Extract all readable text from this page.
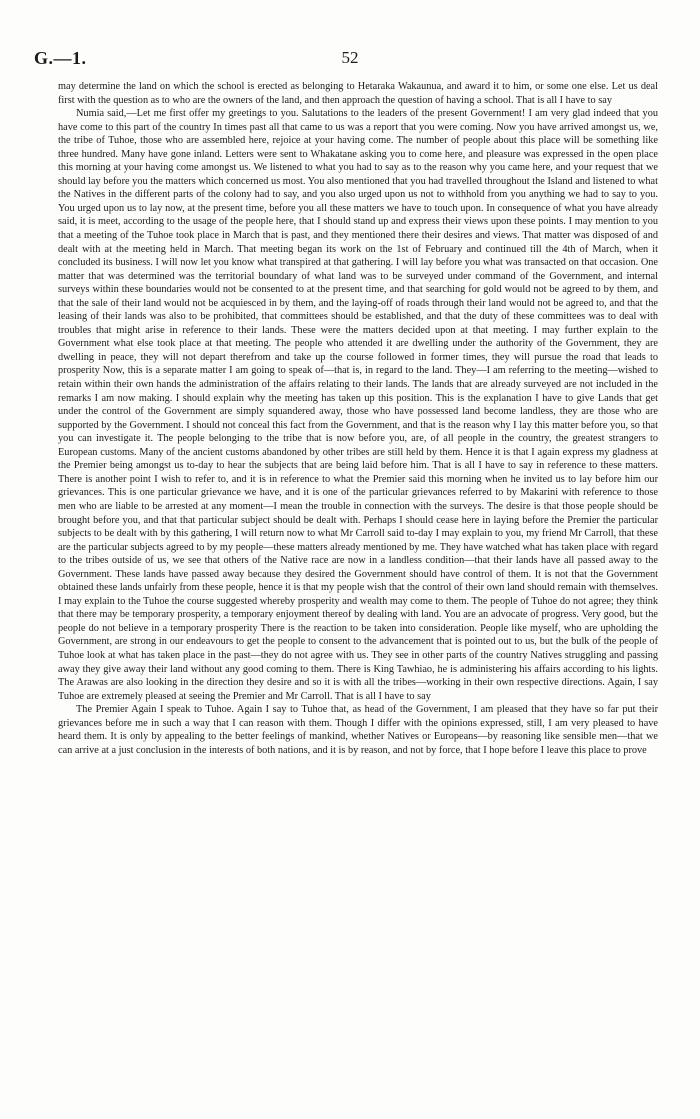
G.—1.	52

may determine the land on which the school is erected as belonging to Hetaraka Wakaunua, and award it to him, or some one else. Let us deal first with the question as to who are the owners of the land, and then approach the question of having a school. That is all I have to say

Numia said,—Let me first offer my greetings to you. Salutations to the leaders of the present Government! I am very glad indeed that you have come to this part of the country In times past all that came to us was a report that you were coming. Now you have arrived amongst us, we, the tribe of Tuhoe, those who are assembled here, rejoice at your having come. The number of people about this place will be something like three hundred. Many have gone inland. Letters were sent to Whakatane asking you to come here, and pleasure was expressed in the open place this morning at your having come amongst us. We listened to what you had to say as to the reason why you came here, and your request that we should lay before you the matters which concerned us most. You also mentioned that you had travelled throughout the Island and listened to what the Natives in the different parts of the colony had to say, and you also urged upon us not to withhold from you anything we had to say to you. You urged upon us to lay now, at the present time, before you all these matters we have to touch upon. In consequence of what you have already said, it is meet, according to the usage of the people here, that I should stand up and express their views upon these points. I may mention to you that a meeting of the Tuhoe took place in March that is past, and they mentioned there their desires and views. That matter was disposed of and dealt with at the meeting held in March. That meeting began its work on the 1st of February and continued till the 4th of March, when it concluded its business. I will now let you know what transpired at that gathering. I will lay before you what was transacted on that occasion. One matter that was determined was the territorial boundary of what land was to be surveyed under command of the Government, and internal surveys within these boundaries would not be consented to at the present time, and that searching for gold would not be agreed to by them, and that the sale of their land would not be acquiesced in by them, and the laying-off of roads through their land would not be agreed to, and that the leasing of their lands was also to be prohibited, that committees should be established, and that the duty of these committees was to deal with troubles that might arise in reference to their lands. These were the matters decided upon at that meeting. I may further explain to the Government what else took place at that meeting. The people who attended it are dwelling under the authority of the Government, they are dwelling in peace, they will not depart therefrom and take up the course followed in former times, they will pursue the road that leads to prosperity Now, this is a separate matter I am going to speak of—that is, in regard to the land. They—I am referring to the meeting—wished to retain within their own hands the administration of the affairs relating to their lands. The lands that are already surveyed are not included in the remarks I am now making. I should explain why the meeting has taken up this position. This is the explanation I have to give Lands that get under the control of the Government are simply squandered away, those who have possessed land become landless, they are those who are supported by the Government. I should not conceal this fact from the Government, and that is the reason why I lay this matter before you, so that you can investigate it. The people belonging to the tribe that is now before you, are, of all people in the country, the greatest strangers to European customs. Many of the ancient customs abandoned by other tribes are still held by them. Hence it is that I again express my gladness at the Premier being amongst us to-day to hear the subjects that are being laid before him. That is all I have to say in reference to these matters. There is another point I wish to refer to, and it is in reference to what the Premier said this morning when he invited us to lay before him our grievances. This is one particular grievance we have, and it is one of the particular grievances referred to by Makarini with reference to those men who are liable to be arrested at any moment—I mean the trouble in connection with the surveys. The desire is that those people should be brought before you, and that that particular subject should be dealt with. Perhaps I should cease here in laying before the Premier the particular subjects to be dealt with by this gathering, I will return now to what Mr Carroll said to-day I may explain to you, my friend Mr Carroll, that these are the particular subjects agreed to by my people—these matters already mentioned by me. They have watched what has taken place with regard to the tribes outside of us, we see that others of the Native race are now in a landless condition—that their lands have all passed away to the Government. These lands have passed away because they desired the Government should have control of them. It is not that the Government obtained these lands unfairly from these people, hence it is that my people wish that the control of their own land should remain with themselves. I may explain to the Tuhoe the course suggested whereby prosperity and wealth may come to them. The people of Tuhoe do not agree; they think that there may be temporary prosperity, a temporary enjoyment thereof by dealing with land. You are an advocate of progress. Very good, but the people do not believe in a temporary prosperity There is the reaction to be taken into consideration. People like myself, who are upholding the Government, are strong in our endeavours to get the people to consent to the advancement that is pointed out to us, but the bulk of the people of Tuhoe look at what has taken place in the past—they do not agree with us. They see in other parts of the country Natives struggling and passing away they give away their land without any good coming to them. There is King Tawhiao, he is administering his affairs according to his lights. The Arawas are also looking in the direction they desire and so it is with all the tribes—working in their own respective directions. Again, I say Tuhoe are extremely pleased at seeing the Premier and Mr Carroll. That is all I have to say

The Premier Again I speak to Tuhoe. Again I say to Tuhoe that, as head of the Government, I am pleased that they have so far put their grievances before me in such a way that I can reason with them. Though I differ with the opinions expressed, still, I am very pleased to have heard them. It is only by appealing to the better feelings of mankind, whether Natives or Europeans—by reasoning like sensible men—that we can arrive at a just conclusion in the interests of both nations, and it is by reason, and not by force, that I hope before I leave this place to prove
